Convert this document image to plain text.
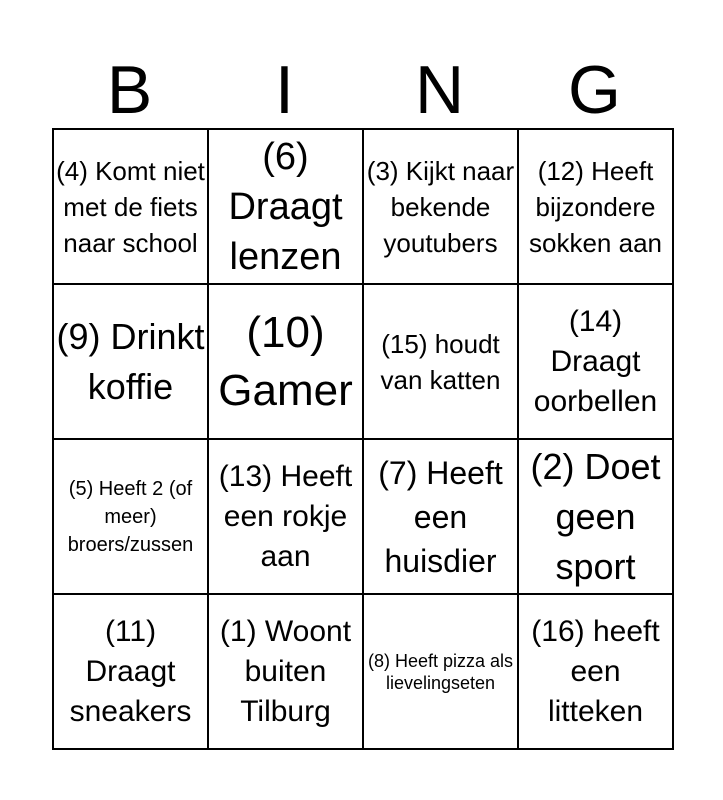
B	I	N	G
(4) Komt niet met de fiets naar school	(6) Draagt lenzen	(3) Kijkt naar bekende youtubers	(12) Heeft bijzondere sokken aan
(9) Drinkt koffie	(10) Gamer	(15) houdt van katten	(14) Draagt oorbellen
(5) Heeft 2 (of meer) broers/zussen	(13) Heeft een rokje aan	(7) Heeft een huisdier	(2) Doet geen sport
(11) Draagt sneakers	(1) Woont buiten Tilburg	(8) Heeft pizza als lievelingseten	(16) heeft een litteken
